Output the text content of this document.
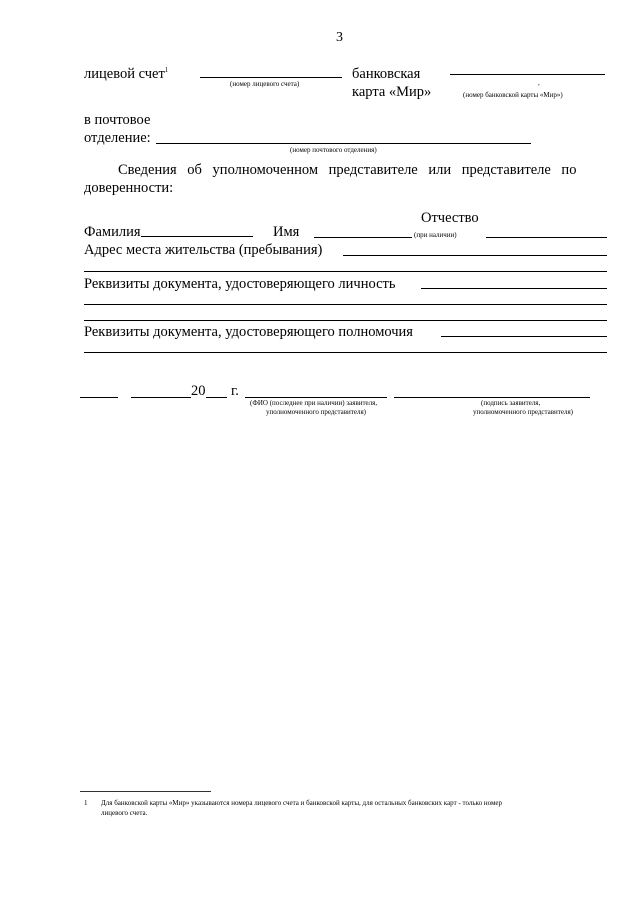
3
лицевой счет$^1$
(номер лицевого счета)
банковская
карта «Мир»
,
(номер банковской карты «Мир»)
в почтовое
отделение:
(номер почтового отделения)
Сведения об уполномоченном представителе или представителе по
доверенности:
Отчество
Фамилия	Имя	(при наличии)
Адрес места жительства (пребывания)
Реквизиты документа, удостоверяющего личность
Реквизиты документа, удостоверяющего полномочия
20 г.
(ФИО (последнее при наличии) заявителя,
уполномоченного представителя)
(подпись заявителя,
уполномоченного представителя)
1 Для банковской карты «Мир» указываются номера лицевого счета и банковской карты, для остальных банковских карт - только номер
лицевого счета.
